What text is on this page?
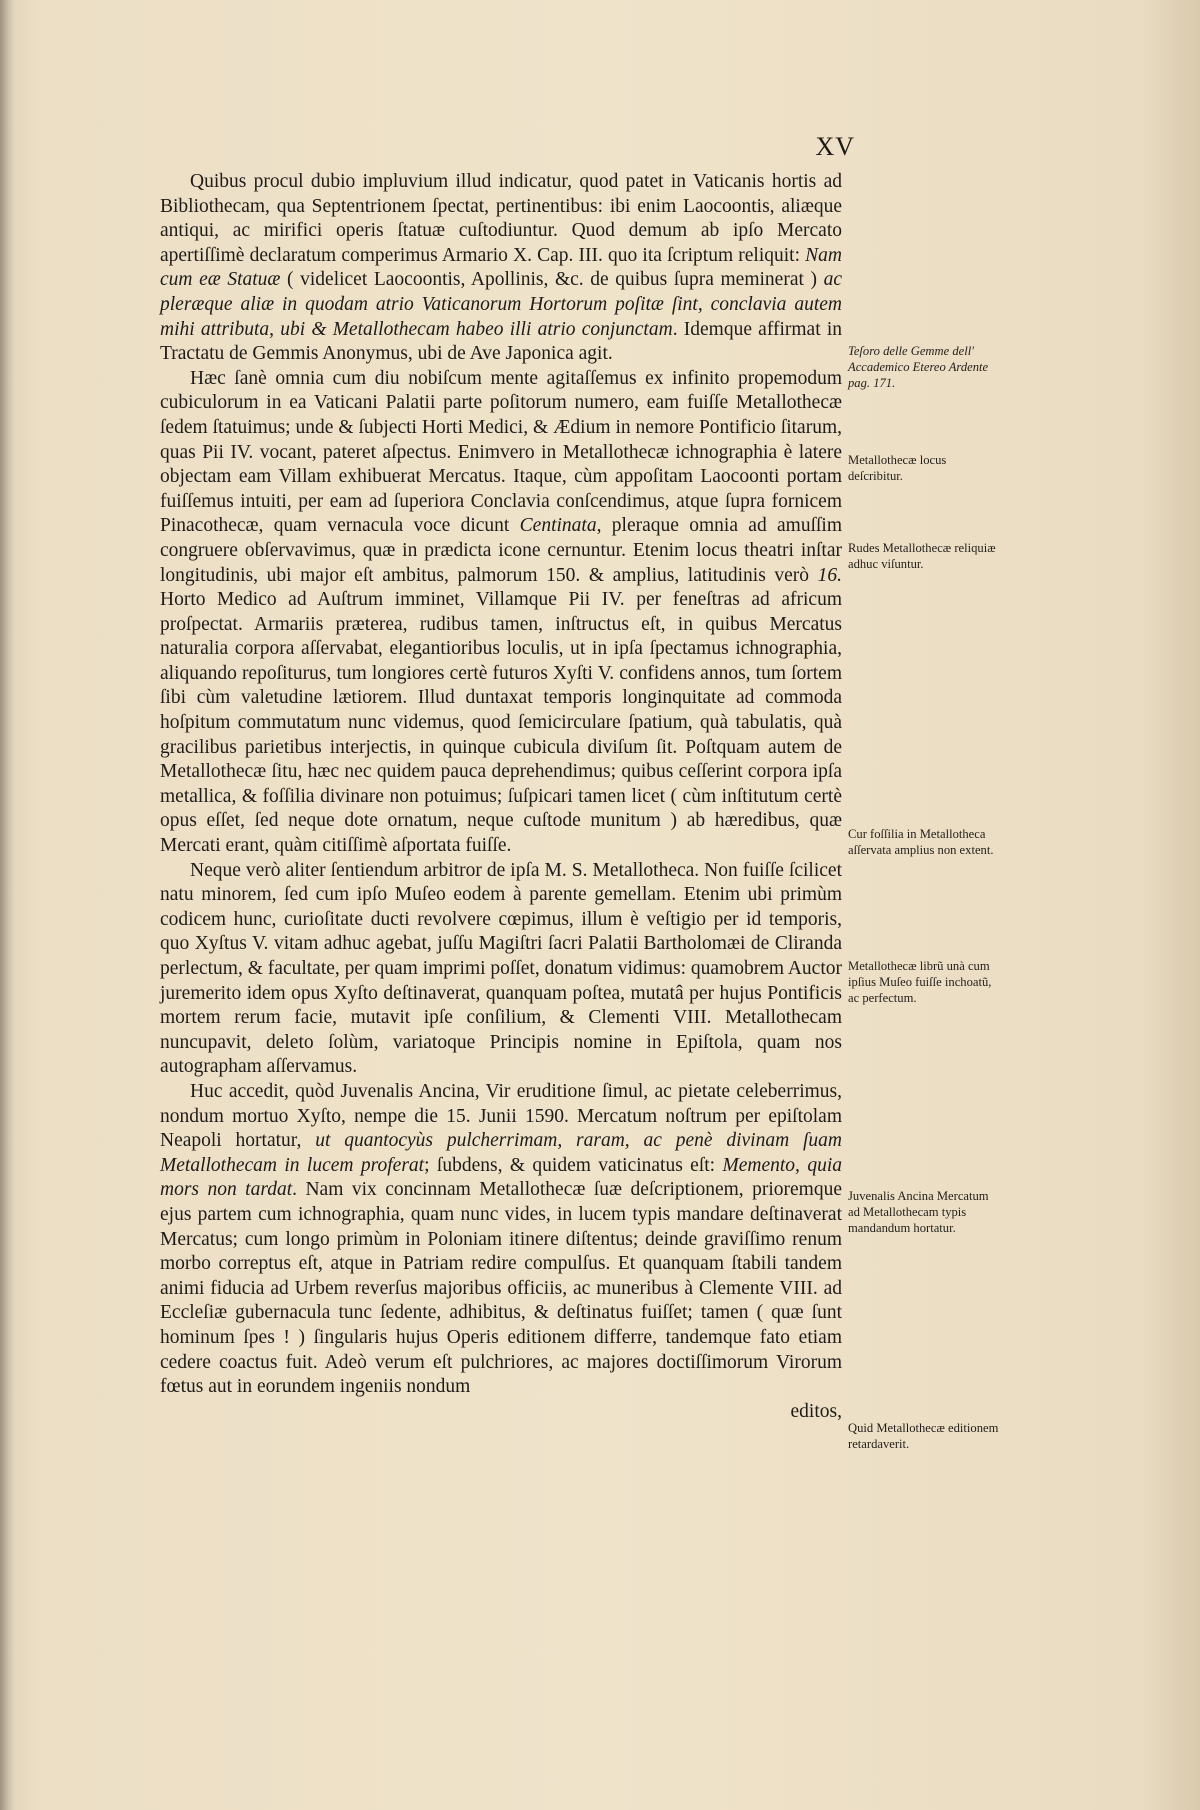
XV

Quibus procul dubio impluvium illud indicatur, quod patet in Vaticanis hortis ad Bibliothecam, qua Septentrionem ſpectat, pertinentibus: ibi enim Laocoontis, aliæque antiqui, ac mirifici operis ſtatuæ cuſtodiuntur. Quod demum ab ipſo Mercato apertiſſimè declaratum comperimus Armario X. Cap. III. quo ita ſcriptum reliquit: Nam cum eæ Statuæ ( videlicet Laocoontis, Apollinis, &c. de quibus ſupra meminerat ) ac pleræque aliæ in quodam atrio Vaticanorum Hortorum poſitæ ſint, conclavia autem mihi attributa, ubi & Metallothecam habeo illi atrio conjunctam. Idemque affirmat in Tractatu de Gemmis Anonymus, ubi de Ave Japonica agit.

Hæc ſanè omnia cum diu nobiſcum mente agitaſſemus ex infinito propemodum cubiculorum in ea Vaticani Palatii parte poſitorum numero, eam fuiſſe Metallothecæ ſedem ſtatuimus; unde & ſubjecti Horti Medici, & Ædium in nemore Pontificio ſitarum, quas Pii IV. vocant, pateret aſpectus. Enimvero in Metallothecæ ichnographia è latere objectam eam Villam exhibuerat Mercatus. Itaque, cùm appoſitam Laocoonti portam fuiſſemus intuiti, per eam ad ſuperiora Conclavia conſcendimus, atque ſupra fornicem Pinacothecæ, quam vernacula voce dicunt Centinata, pleraque omnia ad amuſſim congruere obſervavimus, quæ in prædicta icone cernuntur. Etenim locus theatri inſtar longitudinis, ubi major eſt ambitus, palmorum 150. & amplius, latitudinis verò 16. Horto Medico ad Auſtrum imminet, Villamque Pii IV. per feneſtras ad africum proſpectat. Armariis præterea, rudibus tamen, inſtructus eſt, in quibus Mercatus naturalia corpora aſſervabat, elegantioribus loculis, ut in ipſa ſpectamus ichnographia, aliquando repoſiturus, tum longiores certè futuros Xyſti V. confidens annos, tum ſortem ſibi cùm valetudine lætiorem. Illud duntaxat temporis longinquitate ad commoda hoſpitum commutatum nunc videmus, quod ſemicirculare ſpatium, quà tabulatis, quà gracilibus parietibus interjectis, in quinque cubicula diviſum ſit. Poſtquam autem de Metallothecæ ſitu, hæc nec quidem pauca deprehendimus; quibus ceſſerint corpora ipſa metallica, & foſſilia divinare non potuimus; ſuſpicari tamen licet ( cùm inſtitutum certè opus eſſet, ſed neque dote ornatum, neque cuſtode munitum ) ab hæredibus, quæ Mercati erant, quàm citiſſimè aſportata fuiſſe.

Neque verò aliter ſentiendum arbitror de ipſa M. S. Metallotheca. Non fuiſſe ſcilicet natu minorem, ſed cum ipſo Muſeo eodem à parente gemellam. Etenim ubi primùm codicem hunc, curioſitate ducti revolvere cœpimus, illum è veſtigio per id temporis, quo Xyſtus V. vitam adhuc agebat, juſſu Magiſtri ſacri Palatii Bartholomæi de Cliranda perlectum, & facultate, per quam imprimi poſſet, donatum vidimus: quamobrem Auctor juremerito idem opus Xyſto deſtinaverat, quanquam poſtea, mutatâ per hujus Pontificis mortem rerum facie, mutavit ipſe conſilium, & Clementi VIII. Metallothecam nuncupavit, deleto ſolùm, variatoque Principis nomine in Epiſtola, quam nos autographam aſſervamus.

Huc accedit, quòd Juvenalis Ancina, Vir eruditione ſimul, ac pietate celeberrimus, nondum mortuo Xyſto, nempe die 15. Junii 1590. Mercatum noſtrum per epiſtolam Neapoli hortatur, ut quantocyùs pulcherrimam, raram, ac penè divinam ſuam Metallothecam in lucem proferat; ſubdens, & quidem vaticinatus eſt: Memento, quia mors non tardat. Nam vix concinnam Metallothecæ ſuæ deſcriptionem, prioremque ejus partem cum ichnographia, quam nunc vides, in lucem typis mandare deſtinaverat Mercatus; cum longo primùm in Poloniam itinere diſtentus; deinde graviſſimo renum morbo correptus eſt, atque in Patriam redire compulſus. Et quanquam ſtabili tandem animi fiducia ad Urbem reverſus majoribus officiis, ac muneribus à Clemente VIII. ad Eccleſiæ gubernacula tunc ſedente, adhibitus, & deſtinatus fuiſſet; tamen ( quæ ſunt hominum ſpes ! ) ſingularis hujus Operis editionem differre, tandemque fato etiam cedere coactus fuit. Adeò verum eſt pulchriores, ac majores doctiſſimorum Virorum fœtus aut in eorundem ingeniis nondum

editos,

Teſoro delle Gemme dell' Accademico Etereo Ardente pag. 171.
Metallothecæ locus deſcribitur.
Rudes Metallothecæ reliquiæ adhuc viſuntur.
Cur foſſilia in Metallotheca aſſervata amplius non extent.
Metallothecæ librũ unà cum ipſius Muſeo fuiſſe inchoatũ, ac perfectum.
Juvenalis Ancina Mercatum ad Metallothecam typis mandandum hortatur.
Quid Metallothecæ editionem retardaverit.
